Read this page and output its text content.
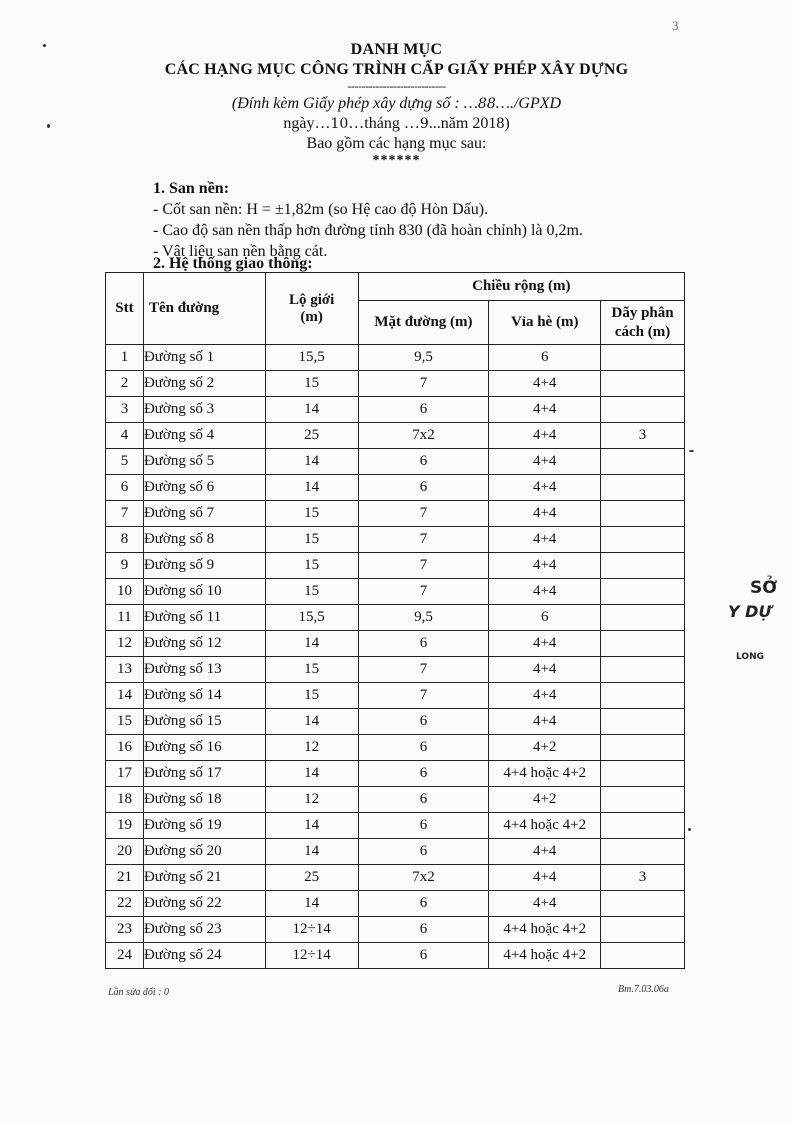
3
DANH MỤC
CÁC HẠNG MỤC CÔNG TRÌNH CẤP GIẤY PHÉP XÂY DỰNG
----------------------------
(Đính kèm Giấy phép xây dựng số : …88…./GPXD
ngày…10…tháng …9...năm 2018)
Bao gồm các hạng mục sau:
******
1. San nền:
- Cốt san nền: H = ±1,82m (so Hệ cao độ Hòn Dấu).
- Cao độ san nền thấp hơn đường tỉnh 830 (đã hoàn chỉnh) là 0,2m.
- Vật liệu san nền bằng cát.
2. Hệ thống giao thông:
Stt	Tên đường	Lộ giới (m)	Chiều rộng (m)		
			Mặt đường (m)	Vỉa hè (m)	Dãy phân cách (m)
1	Đường số 1	15,5	9,5	6	
2	Đường số 2	15	7	4+4	
3	Đường số 3	14	6	4+4	
4	Đường số 4	25	7x2	4+4	3
5	Đường số 5	14	6	4+4	
6	Đường số 6	14	6	4+4	
7	Đường số 7	15	7	4+4	
8	Đường số 8	15	7	4+4	
9	Đường số 9	15	7	4+4	
10	Đường số 10	15	7	4+4	
11	Đường số 11	15,5	9,5	6	
12	Đường số 12	14	6	4+4	
13	Đường số 13	15	7	4+4	
14	Đường số 14	15	7	4+4	
15	Đường số 15	14	6	4+4	
16	Đường số 16	12	6	4+2	
17	Đường số 17	14	6	4+4 hoặc 4+2	
18	Đường số 18	12	6	4+2	
19	Đường số 19	14	6	4+4 hoặc 4+2	
20	Đường số 20	14	6	4+4	
21	Đường số 21	25	7x2	4+4	3
22	Đường số 22	14	6	4+4	
23	Đường số 23	12÷14	6	4+4 hoặc 4+2	
24	Đường số 24	12÷14	6	4+4 hoặc 4+2	
Lần sửa đổi : 0	Bm.7.03.06a
SỞ
Y DỰ
LONG
